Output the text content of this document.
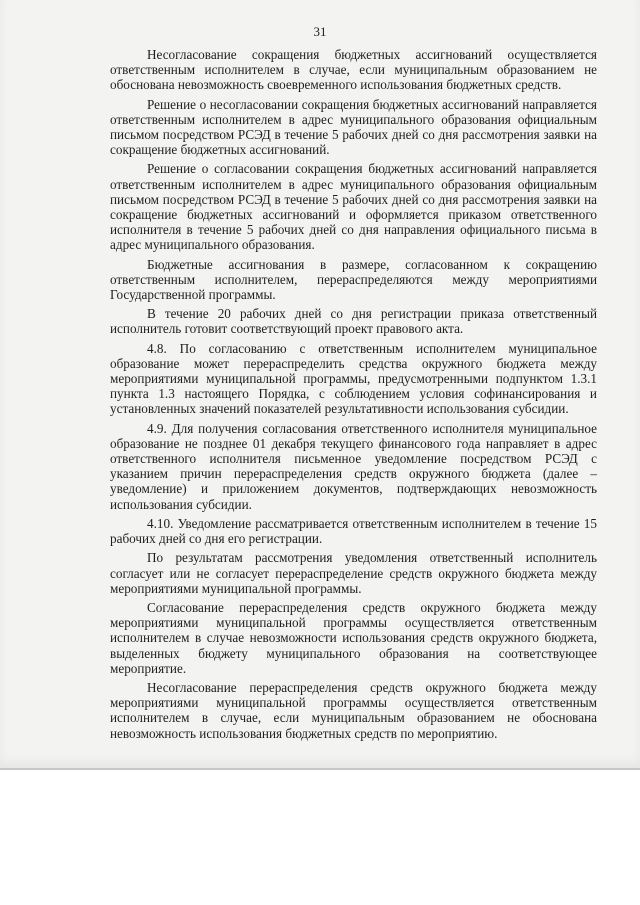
31

Несогласование сокращения бюджетных ассигнований осуществляется ответственным исполнителем в случае, если муниципальным образованием не обоснована невозможность своевременного использования бюджетных средств.

Решение о несогласовании сокращения бюджетных ассигнований направляется ответственным исполнителем в адрес муниципального образования официальным письмом посредством РСЭД в течение 5 рабочих дней со дня рассмотрения заявки на сокращение бюджетных ассигнований.

Решение о согласовании сокращения бюджетных ассигнований направляется ответственным исполнителем в адрес муниципального образования официальным письмом посредством РСЭД в течение 5 рабочих дней со дня рассмотрения заявки на сокращение бюджетных ассигнований и оформляется приказом ответственного исполнителя в течение 5 рабочих дней со дня направления официального письма в адрес муниципального образования.

Бюджетные ассигнования в размере, согласованном к сокращению ответственным исполнителем, перераспределяются между мероприятиями Государственной программы.

В течение 20 рабочих дней со дня регистрации приказа ответственный исполнитель готовит соответствующий проект правового акта.

4.8. По согласованию с ответственным исполнителем муниципальное образование может перераспределить средства окружного бюджета между мероприятиями муниципальной программы, предусмотренными подпунктом 1.3.1 пункта 1.3 настоящего Порядка, с соблюдением условия софинансирования и установленных значений показателей результативности использования субсидии.

4.9. Для получения согласования ответственного исполнителя муниципальное образование не позднее 01 декабря текущего финансового года направляет в адрес ответственного исполнителя письменное уведомление посредством РСЭД с указанием причин перераспределения средств окружного бюджета (далее – уведомление) и приложением документов, подтверждающих невозможность использования субсидии.

4.10. Уведомление рассматривается ответственным исполнителем в течение 15 рабочих дней со дня его регистрации.

По результатам рассмотрения уведомления ответственный исполнитель согласует или не согласует перераспределение средств окружного бюджета между мероприятиями муниципальной программы.

Согласование перераспределения средств окружного бюджета между мероприятиями муниципальной программы осуществляется ответственным исполнителем в случае невозможности использования средств окружного бюджета, выделенных бюджету муниципального образования на соответствующее мероприятие.

Несогласование перераспределения средств окружного бюджета между мероприятиями муниципальной программы осуществляется ответственным исполнителем в случае, если муниципальным образованием не обоснована невозможность использования бюджетных средств по мероприятию.
